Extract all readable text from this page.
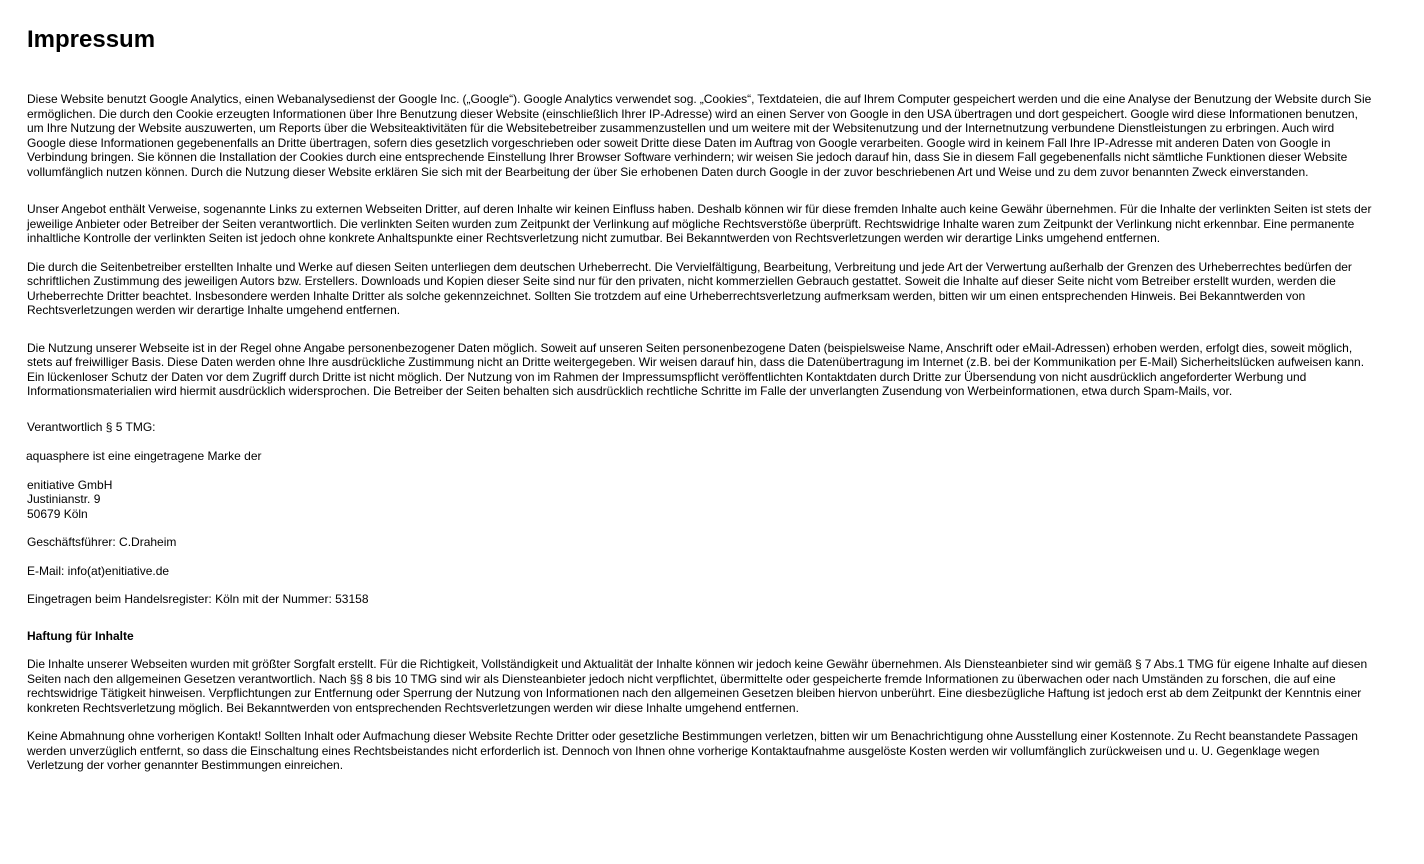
Impressum

Diese Website benutzt Google Analytics, einen Webanalysedienst der Google Inc. („Google“). Google Analytics verwendet sog. „Cookies“, Textdateien, die auf Ihrem Computer gespeichert werden und die eine Analyse der Benutzung der Website durch Sie ermöglichen. Die durch den Cookie erzeugten Informationen über Ihre Benutzung dieser Website (einschließlich Ihrer IP-Adresse) wird an einen Server von Google in den USA übertragen und dort gespeichert. Google wird diese Informationen benutzen, um Ihre Nutzung der Website auszuwerten, um Reports über die Websiteaktivitäten für die Websitebetreiber zusammenzustellen und um weitere mit der Websitenutzung und der Internetnutzung verbundene Dienstleistungen zu erbringen. Auch wird Google diese Informationen gegebenenfalls an Dritte übertragen, sofern dies gesetzlich vorgeschrieben oder soweit Dritte diese Daten im Auftrag von Google verarbeiten. Google wird in keinem Fall Ihre IP-Adresse mit anderen Daten von Google in Verbindung bringen. Sie können die Installation der Cookies durch eine entsprechende Einstellung Ihrer Browser Software verhindern; wir weisen Sie jedoch darauf hin, dass Sie in diesem Fall gegebenenfalls nicht sämtliche Funktionen dieser Website vollumfänglich nutzen können. Durch die Nutzung dieser Website erklären Sie sich mit der Bearbeitung der über Sie erhobenen Daten durch Google in der zuvor beschriebenen Art und Weise und zu dem zuvor benannten Zweck einverstanden.

Unser Angebot enthält Verweise, sogenannte Links zu externen Webseiten Dritter, auf deren Inhalte wir keinen Einfluss haben. Deshalb können wir für diese fremden Inhalte auch keine Gewähr übernehmen. Für die Inhalte der verlinkten Seiten ist stets der jeweilige Anbieter oder Betreiber der Seiten verantwortlich. Die verlinkten Seiten wurden zum Zeitpunkt der Verlinkung auf mögliche Rechtsverstöße überprüft. Rechtswidrige Inhalte waren zum Zeitpunkt der Verlinkung nicht erkennbar. Eine permanente inhaltliche Kontrolle der verlinkten Seiten ist jedoch ohne konkrete Anhaltspunkte einer Rechtsverletzung nicht zumutbar. Bei Bekanntwerden von Rechtsverletzungen werden wir derartige Links umgehend entfernen.

Die durch die Seitenbetreiber erstellten Inhalte und Werke auf diesen Seiten unterliegen dem deutschen Urheberrecht. Die Vervielfältigung, Bearbeitung, Verbreitung und jede Art der Verwertung außerhalb der Grenzen des Urheberrechtes bedürfen der schriftlichen Zustimmung des jeweiligen Autors bzw. Erstellers. Downloads und Kopien dieser Seite sind nur für den privaten, nicht kommerziellen Gebrauch gestattet. Soweit die Inhalte auf dieser Seite nicht vom Betreiber erstellt wurden, werden die Urheberrechte Dritter beachtet. Insbesondere werden Inhalte Dritter als solche gekennzeichnet. Sollten Sie trotzdem auf eine Urheberrechtsverletzung aufmerksam werden, bitten wir um einen entsprechenden Hinweis. Bei Bekanntwerden von Rechtsverletzungen werden wir derartige Inhalte umgehend entfernen.

Die Nutzung unserer Webseite ist in der Regel ohne Angabe personenbezogener Daten möglich. Soweit auf unseren Seiten personenbezogene Daten (beispielsweise Name, Anschrift oder eMail-Adressen) erhoben werden, erfolgt dies, soweit möglich, stets auf freiwilliger Basis. Diese Daten werden ohne Ihre ausdrückliche Zustimmung nicht an Dritte weitergegeben. Wir weisen darauf hin, dass die Datenübertragung im Internet (z.B. bei der Kommunikation per E-Mail) Sicherheitslücken aufweisen kann. Ein lückenloser Schutz der Daten vor dem Zugriff durch Dritte ist nicht möglich. Der Nutzung von im Rahmen der Impressumspflicht veröffentlichten Kontaktdaten durch Dritte zur Übersendung von nicht ausdrücklich angeforderter Werbung und Informationsmaterialien wird hiermit ausdrücklich widersprochen. Die Betreiber der Seiten behalten sich ausdrücklich rechtliche Schritte im Falle der unverlangten Zusendung von Werbeinformationen, etwa durch Spam-Mails, vor.

Verantwortlich § 5 TMG:

aquasphere ist eine eingetragene Marke der

enitiative GmbH
Justinianstr. 9
50679 Köln

Geschäftsführer: C.Draheim

E-Mail: info(at)enitiative.de

Eingetragen beim Handelsregister: Köln mit der Nummer: 53158

Haftung für Inhalte

Die Inhalte unserer Webseiten wurden mit größter Sorgfalt erstellt. Für die Richtigkeit, Vollständigkeit und Aktualität der Inhalte können wir jedoch keine Gewähr übernehmen. Als Diensteanbieter sind wir gemäß § 7 Abs.1 TMG für eigene Inhalte auf diesen Seiten nach den allgemeinen Gesetzen verantwortlich. Nach §§ 8 bis 10 TMG sind wir als Diensteanbieter jedoch nicht verpflichtet, übermittelte oder gespeicherte fremde Informationen zu überwachen oder nach Umständen zu forschen, die auf eine rechtswidrige Tätigkeit hinweisen. Verpflichtungen zur Entfernung oder Sperrung der Nutzung von Informationen nach den allgemeinen Gesetzen bleiben hiervon unberührt. Eine diesbezügliche Haftung ist jedoch erst ab dem Zeitpunkt der Kenntnis einer konkreten Rechtsverletzung möglich. Bei Bekanntwerden von entsprechenden Rechtsverletzungen werden wir diese Inhalte umgehend entfernen.

Keine Abmahnung ohne vorherigen Kontakt! Sollten Inhalt oder Aufmachung dieser Website Rechte Dritter oder gesetzliche Bestimmungen verletzen, bitten wir um Benachrichtigung ohne Ausstellung einer Kostennote. Zu Recht beanstandete Passagen werden unverzüglich entfernt, so dass die Einschaltung eines Rechtsbeistandes nicht erforderlich ist. Dennoch von Ihnen ohne vorherige Kontaktaufnahme ausgelöste Kosten werden wir vollumfänglich zurückweisen und u. U. Gegenklage wegen Verletzung der vorher genannter Bestimmungen einreichen.
